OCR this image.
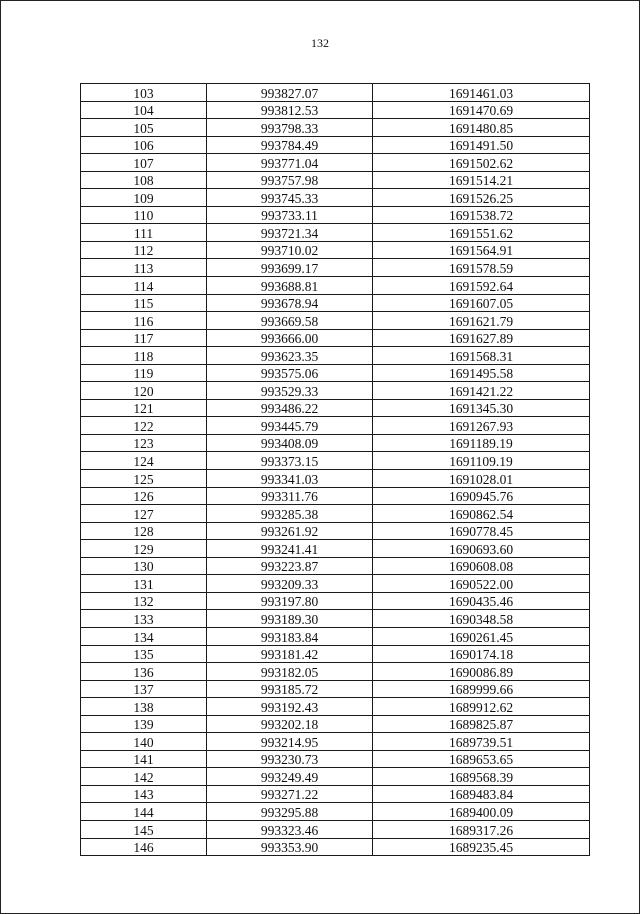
132
103	993827.07	1691461.03
104	993812.53	1691470.69
105	993798.33	1691480.85
106	993784.49	1691491.50
107	993771.04	1691502.62
108	993757.98	1691514.21
109	993745.33	1691526.25
110	993733.11	1691538.72
111	993721.34	1691551.62
112	993710.02	1691564.91
113	993699.17	1691578.59
114	993688.81	1691592.64
115	993678.94	1691607.05
116	993669.58	1691621.79
117	993666.00	1691627.89
118	993623.35	1691568.31
119	993575.06	1691495.58
120	993529.33	1691421.22
121	993486.22	1691345.30
122	993445.79	1691267.93
123	993408.09	1691189.19
124	993373.15	1691109.19
125	993341.03	1691028.01
126	993311.76	1690945.76
127	993285.38	1690862.54
128	993261.92	1690778.45
129	993241.41	1690693.60
130	993223.87	1690608.08
131	993209.33	1690522.00
132	993197.80	1690435.46
133	993189.30	1690348.58
134	993183.84	1690261.45
135	993181.42	1690174.18
136	993182.05	1690086.89
137	993185.72	1689999.66
138	993192.43	1689912.62
139	993202.18	1689825.87
140	993214.95	1689739.51
141	993230.73	1689653.65
142	993249.49	1689568.39
143	993271.22	1689483.84
144	993295.88	1689400.09
145	993323.46	1689317.26
146	993353.90	1689235.45
